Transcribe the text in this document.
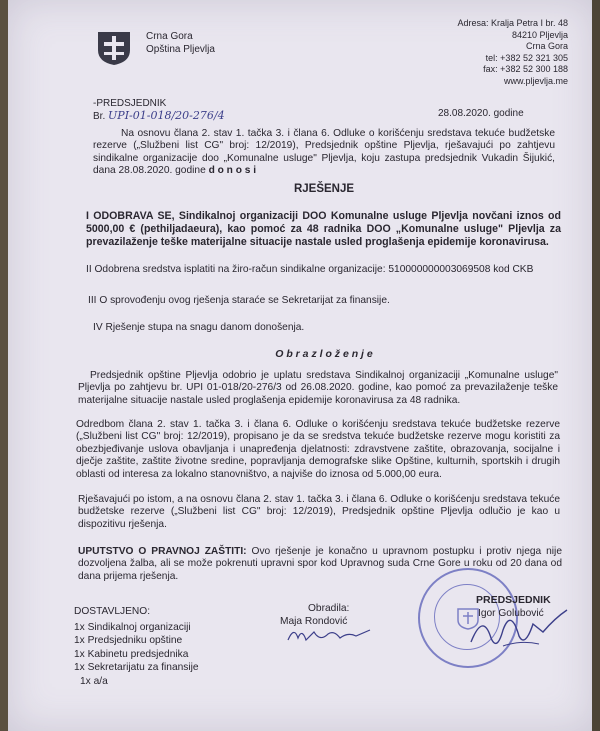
Crna Gora
Opština Pljevlja
Adresa: Kralja Petra I br. 48
84210 Pljevlja
Crna Gora
tel: +382 52 321 305
fax: +382 52 300 188
www.pljevlja.me
-PREDSJEDNIK
Br. UPI-01-018/20-276/4	28.08.2020. godine
Na osnovu člana 2. stav 1. tačka 3. i člana 6. Odluke o korišćenju sredstava tekuće budžetske rezerve („Službeni list CG" broj: 12/2019), Predsjednik opštine Pljevlja, rješavajući po zahtjevu sindikalne organizacije doo „Komunalne usluge" Pljevlja, koju zastupa predsjednik Vukadin Šijukić, dana 28.08.2020. godine d o n o s i
RJEŠENJE
I ODOBRAVA SE, Sindikalnoj organizaciji DOO Komunalne usluge Pljevlja novčani iznos od 5000,00 € (pethiljadaeura), kao pomoć za 48 radnika DOO „Komunalne usluge" Pljevlja za prevazilaženje teške materijalne situacije nastale usled proglašenja epidemije koronavirusa.
II Odobrena sredstva isplatiti na žiro-račun sindikalne organizacije: 510000000003069508 kod CKB
III O sprovođenju ovog rješenja staraće se Sekretarijat za finansije.
IV Rješenje stupa na snagu danom donošenja.
O b r a z l o ž e n j e
Predsjednik opštine Pljevlja odobrio je uplatu sredstava Sindikalnoj organizaciji „Komunalne usluge" Pljevlja po zahtjevu br. UPI 01-018/20-276/3 od 26.08.2020. godine, kao pomoć za prevazilaženje teške materijalne situacije nastale usled proglašenja epidemije koronavirusa za 48 radnika.
Odredbom člana 2. stav 1. tačka 3. i člana 6. Odluke o korišćenju sredstava tekuće budžetske rezerve („Službeni list CG" broj: 12/2019), propisano je da se sredstva tekuće budžetske rezerve mogu koristiti za obezbjeđivanje uslova obavljanja i unapređenja djelatnosti: zdravstvene zaštite, obrazovanja, socijalne i dječje zaštite, zaštite životne sredine, popravljanja demografske slike Opštine, kulturnih, sportskih i drugih oblasti od interesa za lokalno stanovništvo, a najviše do iznosa od 5.000,00 eura.
Rješavajući po istom, a na osnovu člana 2. stav 1. tačka 3. i člana 6. Odluke o korišćenju sredstava tekuće budžetske rezerve („Službeni list CG" broj: 12/2019), Predsjednik opštine Pljevlja odlučio je kao u dispozitivu rješenja.
UPUTSTVO O PRAVNOJ ZAŠTITI: Ovo rješenje je konačno u upravnom postupku i protiv njega nije dozvoljena žalba, ali se može pokrenuti upravni spor kod Upravnog suda Crne Gore u roku od 20 dana od dana prijema rješenja.
DOSTAVLJENO:
1x Sindikalnoj organizaciji
1x Predsjedniku opštine
1x Kabinetu predsjednika
1x Sekretarijatu za finansije
1x a/a
Obradila:
Maja Rondović
PREDSJEDNIK
Igor Golubović
